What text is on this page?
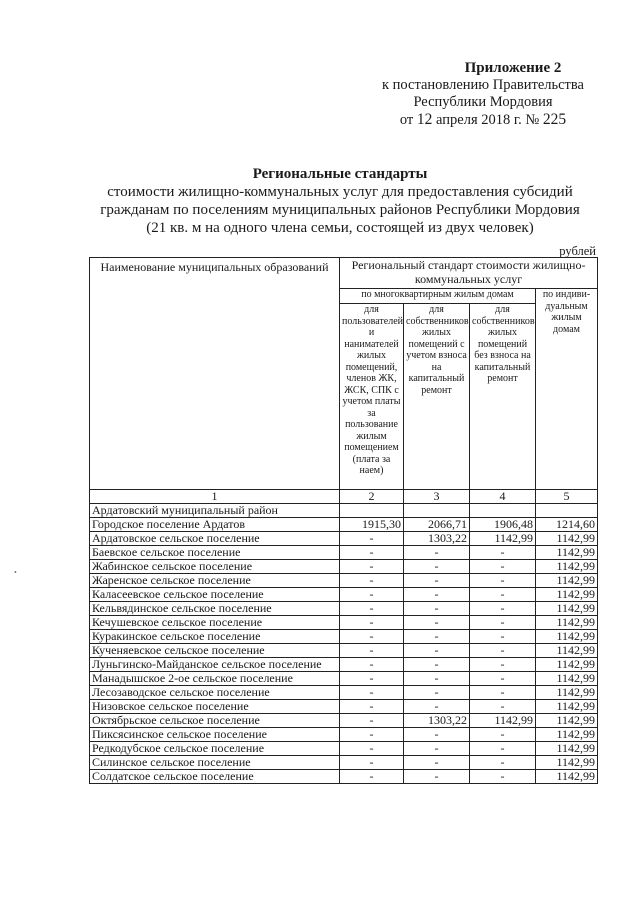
Приложение 2
к постановлению Правительства
Республики Мордовия
от 12 апреля 2018 г. № 225
Региональные стандарты
стоимости жилищно-коммунальных услуг для предоставления субсидий
гражданам по поселениям муниципальных районов Республики Мордовия
(21 кв. м на одного члена семьи, состоящей из двух человек)
рублей
•
Наименование муниципальных образований	Региональный стандарт стоимости жилищно-коммунальных услуг			
	по многоквартирным жилым домам			по индиви-дуальным жилым домам
	для пользователей и нанимателей жилых помещений, членов ЖК, ЖСК, СПК с учетом платы за пользование жилым помещением (плата за наем)	для собственников жилых помещений с учетом взноса на капитальный ремонт	для собственников жилых помещений без взноса на капитальный ремонт	
1	2	3	4	5
Ардатовский муниципальный район				
Городское поселение Ардатов	1915,30	2066,71	1906,48	1214,60
Ардатовское сельское поселение	-	1303,22	1142,99	1142,99
Баевское сельское поселение	-	-	-	1142,99
Жабинское сельское поселение	-	-	-	1142,99
Жаренское сельское поселение	-	-	-	1142,99
Каласеевское сельское поселение	-	-	-	1142,99
Кельвядинское сельское поселение	-	-	-	1142,99
Кечушевское сельское поселение	-	-	-	1142,99
Куракинское сельское поселение	-	-	-	1142,99
Кученяевское сельское поселение	-	-	-	1142,99
Луньгинско-Майданское сельское поселение	-	-	-	1142,99
Манадышское 2-ое сельское поселение	-	-	-	1142,99
Лесозаводское сельское поселение	-	-	-	1142,99
Низовское сельское поселение	-	-	-	1142,99
Октябрьское сельское поселение	-	1303,22	1142,99	1142,99
Пиксясинское сельское поселение	-	-	-	1142,99
Редкодубское сельское поселение	-	-	-	1142,99
Силинское сельское поселение	-	-	-	1142,99
Солдатское сельское поселение	-	-	-	1142,99
